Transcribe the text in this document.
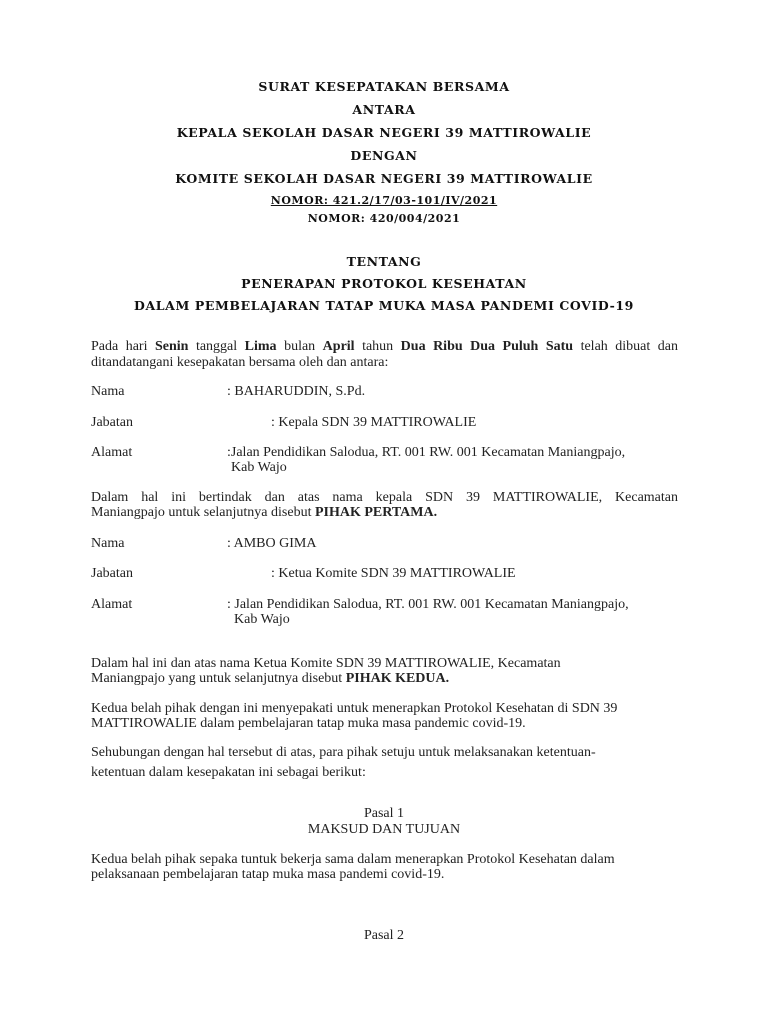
SURAT KESEPATAKAN BERSAMA
ANTARA
KEPALA SEKOLAH DASAR NEGERI 39 MATTIROWALIE
DENGAN
KOMITE SEKOLAH DASAR NEGERI 39 MATTIROWALIE
NOMOR: 421.2/17/03-101/IV/2021
NOMOR: 420/004/2021
TENTANG
PENERAPAN PROTOKOL KESEHATAN
DALAM PEMBELAJARAN TATAP MUKA MASA PANDEMI COVID-19
Pada hari Senin tanggal Lima bulan April tahun Dua Ribu Dua Puluh Satu telah dibuat dan
ditandatangani kesepakatan bersama oleh dan antara:
Nama	: BAHARUDDIN, S.Pd.
Jabatan	: Kepala SDN 39 MATTIROWALIE
Alamat	:Jalan Pendidikan Salodua, RT. 001 RW. 001 Kecamatan Maniangpajo,
Kab Wajo
Dalam hal ini bertindak dan atas nama kepala SDN 39 MATTIROWALIE, Kecamatan
Maniangpajo untuk selanjutnya disebut PIHAK PERTAMA.
Nama	: AMBO GIMA
Jabatan	: Ketua Komite SDN 39 MATTIROWALIE
Alamat	: Jalan Pendidikan Salodua, RT. 001 RW. 001 Kecamatan Maniangpajo,
Kab Wajo
Dalam hal ini dan atas nama Ketua Komite SDN 39 MATTIROWALIE, Kecamatan
Maniangpajo yang untuk selanjutnya disebut PIHAK KEDUA.
Kedua belah pihak dengan ini menyepakati untuk menerapkan Protokol Kesehatan di SDN 39
MATTIROWALIE dalam pembelajaran tatap muka masa pandemic covid-19.
Sehubungan dengan hal tersebut di atas, para pihak setuju untuk melaksanakan ketentuan-
ketentuan dalam kesepakatan ini sebagai berikut:
Pasal 1
MAKSUD DAN TUJUAN
Kedua belah pihak sepaka tuntuk bekerja sama dalam menerapkan Protokol Kesehatan dalam
pelaksanaan pembelajaran tatap muka masa pandemi covid-19.
Pasal 2
